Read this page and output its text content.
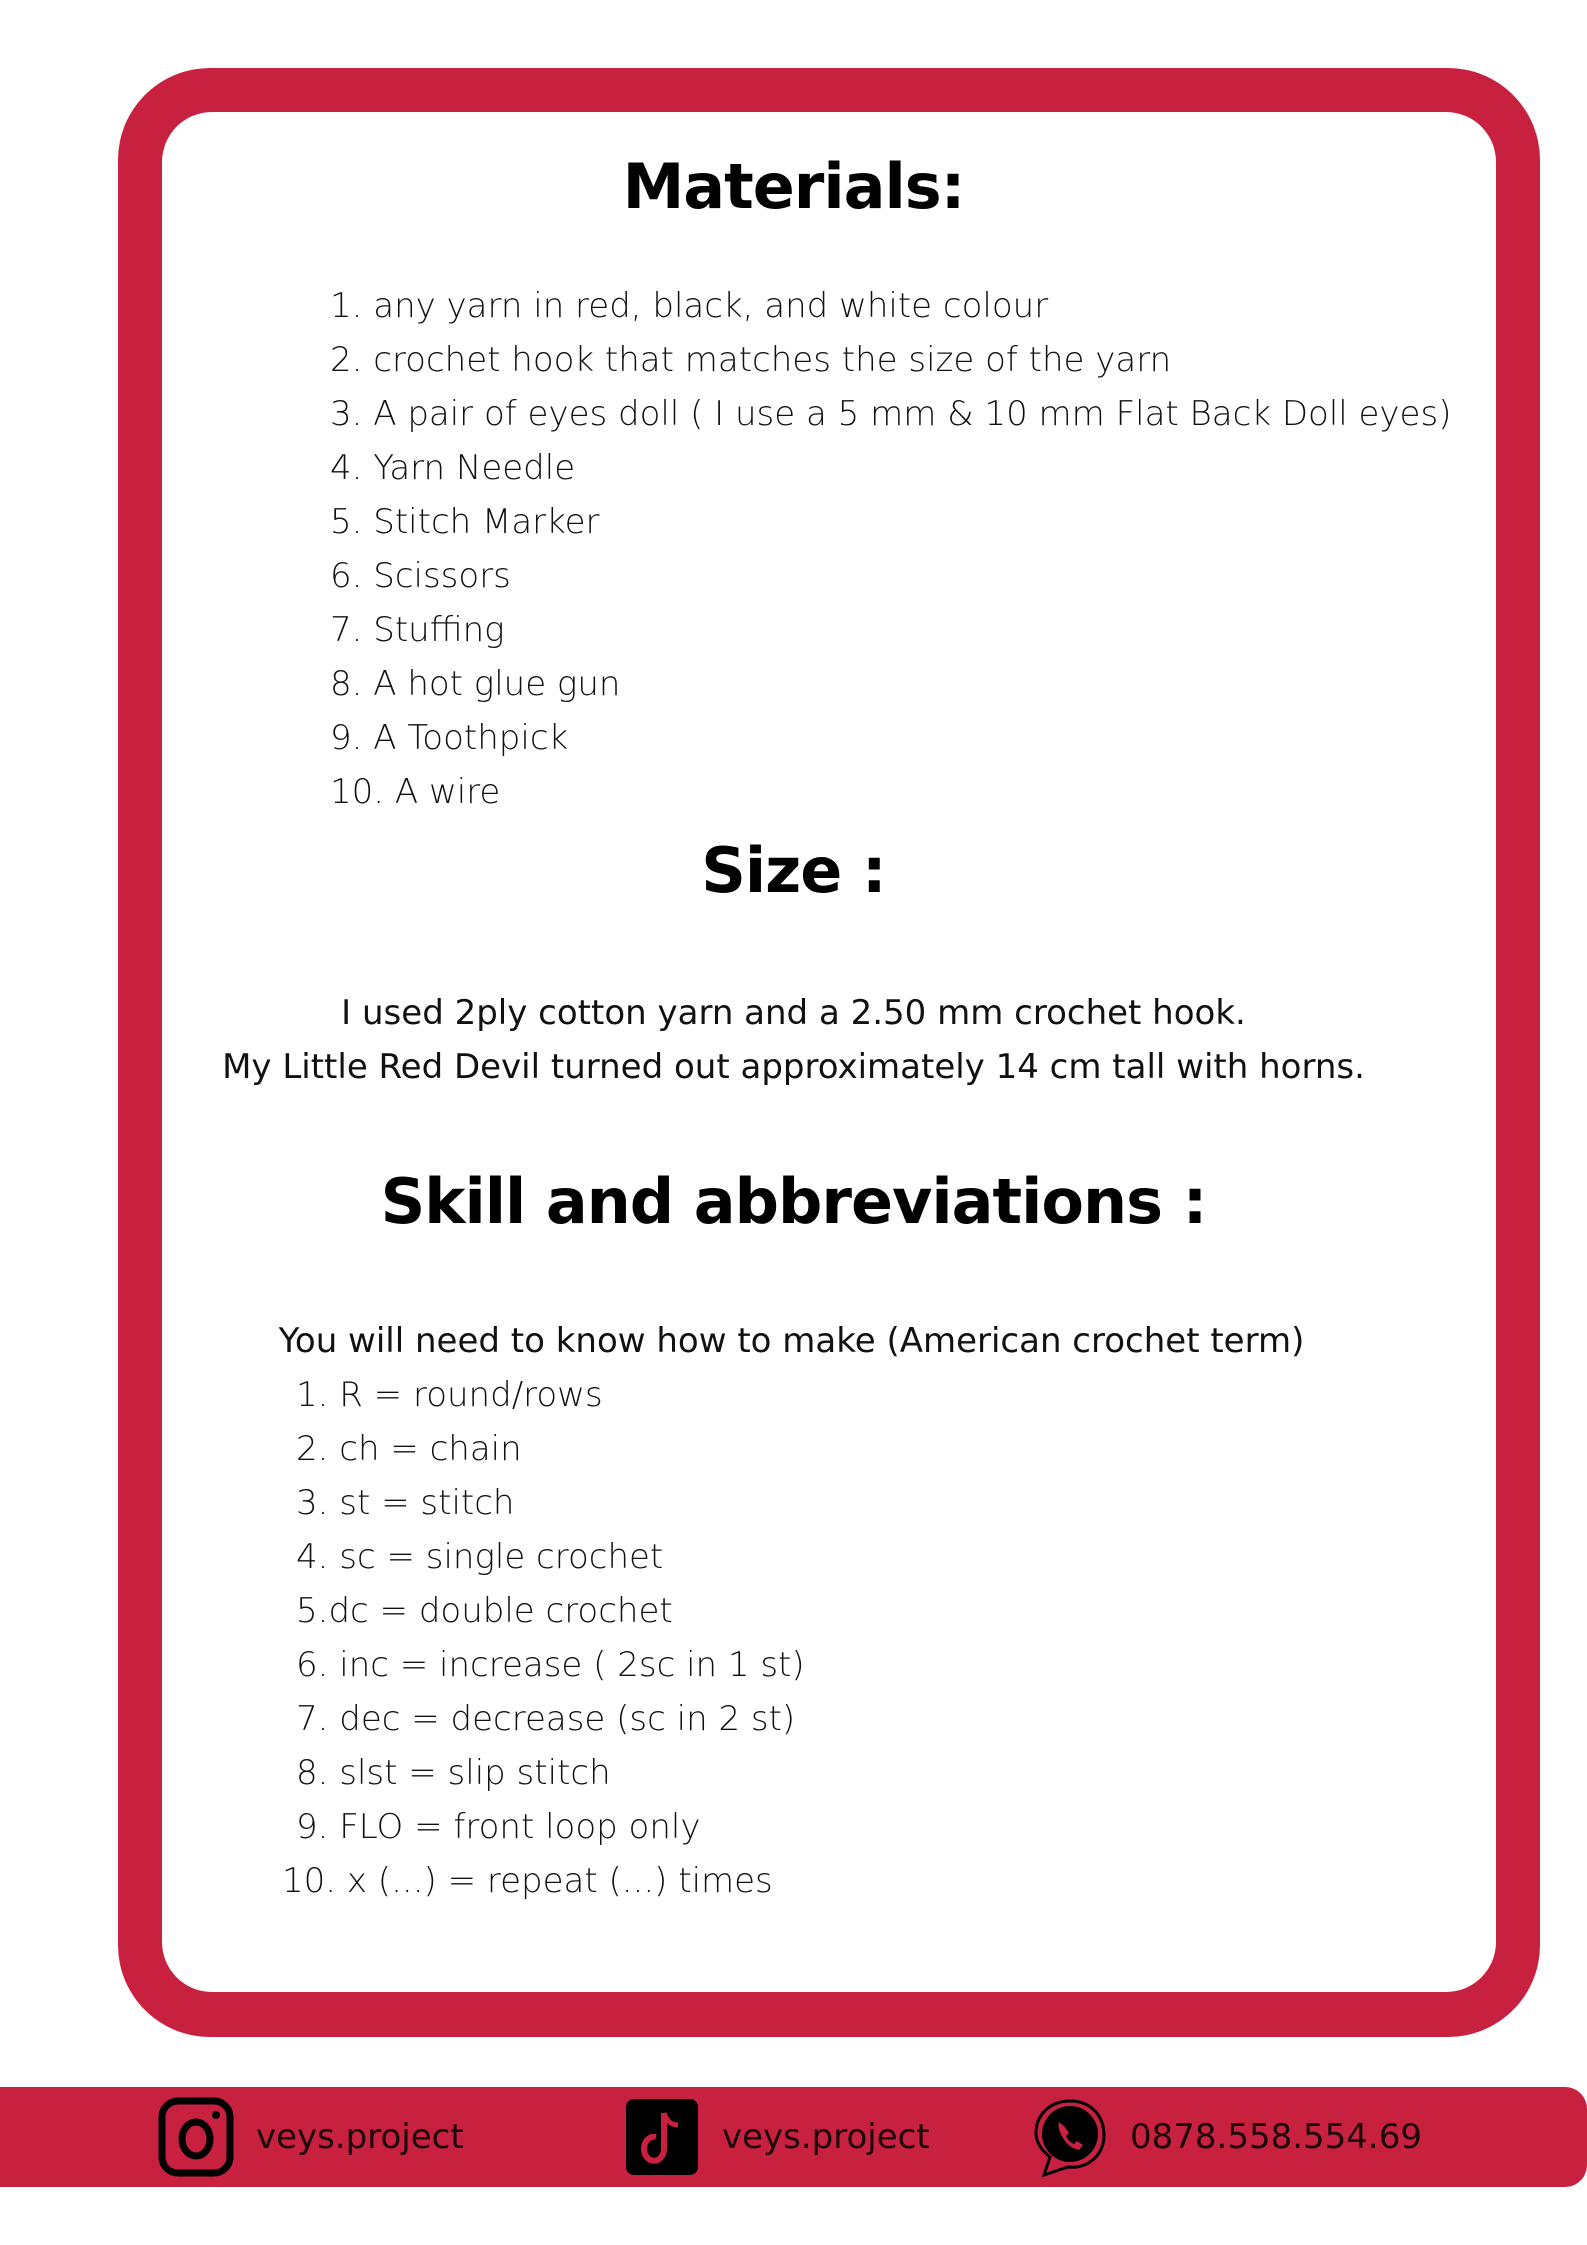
Materials:
1. any yarn in red, black, and white colour
2. crochet hook that matches the size of the yarn
3. A pair of eyes doll ( I use a 5 mm & 10 mm Flat Back Doll eyes)
4. Yarn Needle
5. Stitch Marker
6. Scissors
7. Stuffing
8. A hot glue gun
9. A Toothpick
10. A wire
Size :

I used 2ply cotton yarn and a 2.50 mm crochet hook.

My Little Red Devil turned out approximately 14 cm tall with horns.

Skill and abbreviations :

You will need to know how to make (American crochet term)

1. R = round/rows
2. ch = chain
3. st = stitch
4. sc = single crochet
5.dc = double crochet
6. inc = increase ( 2sc in 1 st)
7. dec = decrease (sc in 2 st)
8. slst = slip stitch
9. FLO = front loop only
10. x (...) = repeat (...) times
veys.project	veys.project	0878.558.554.69
